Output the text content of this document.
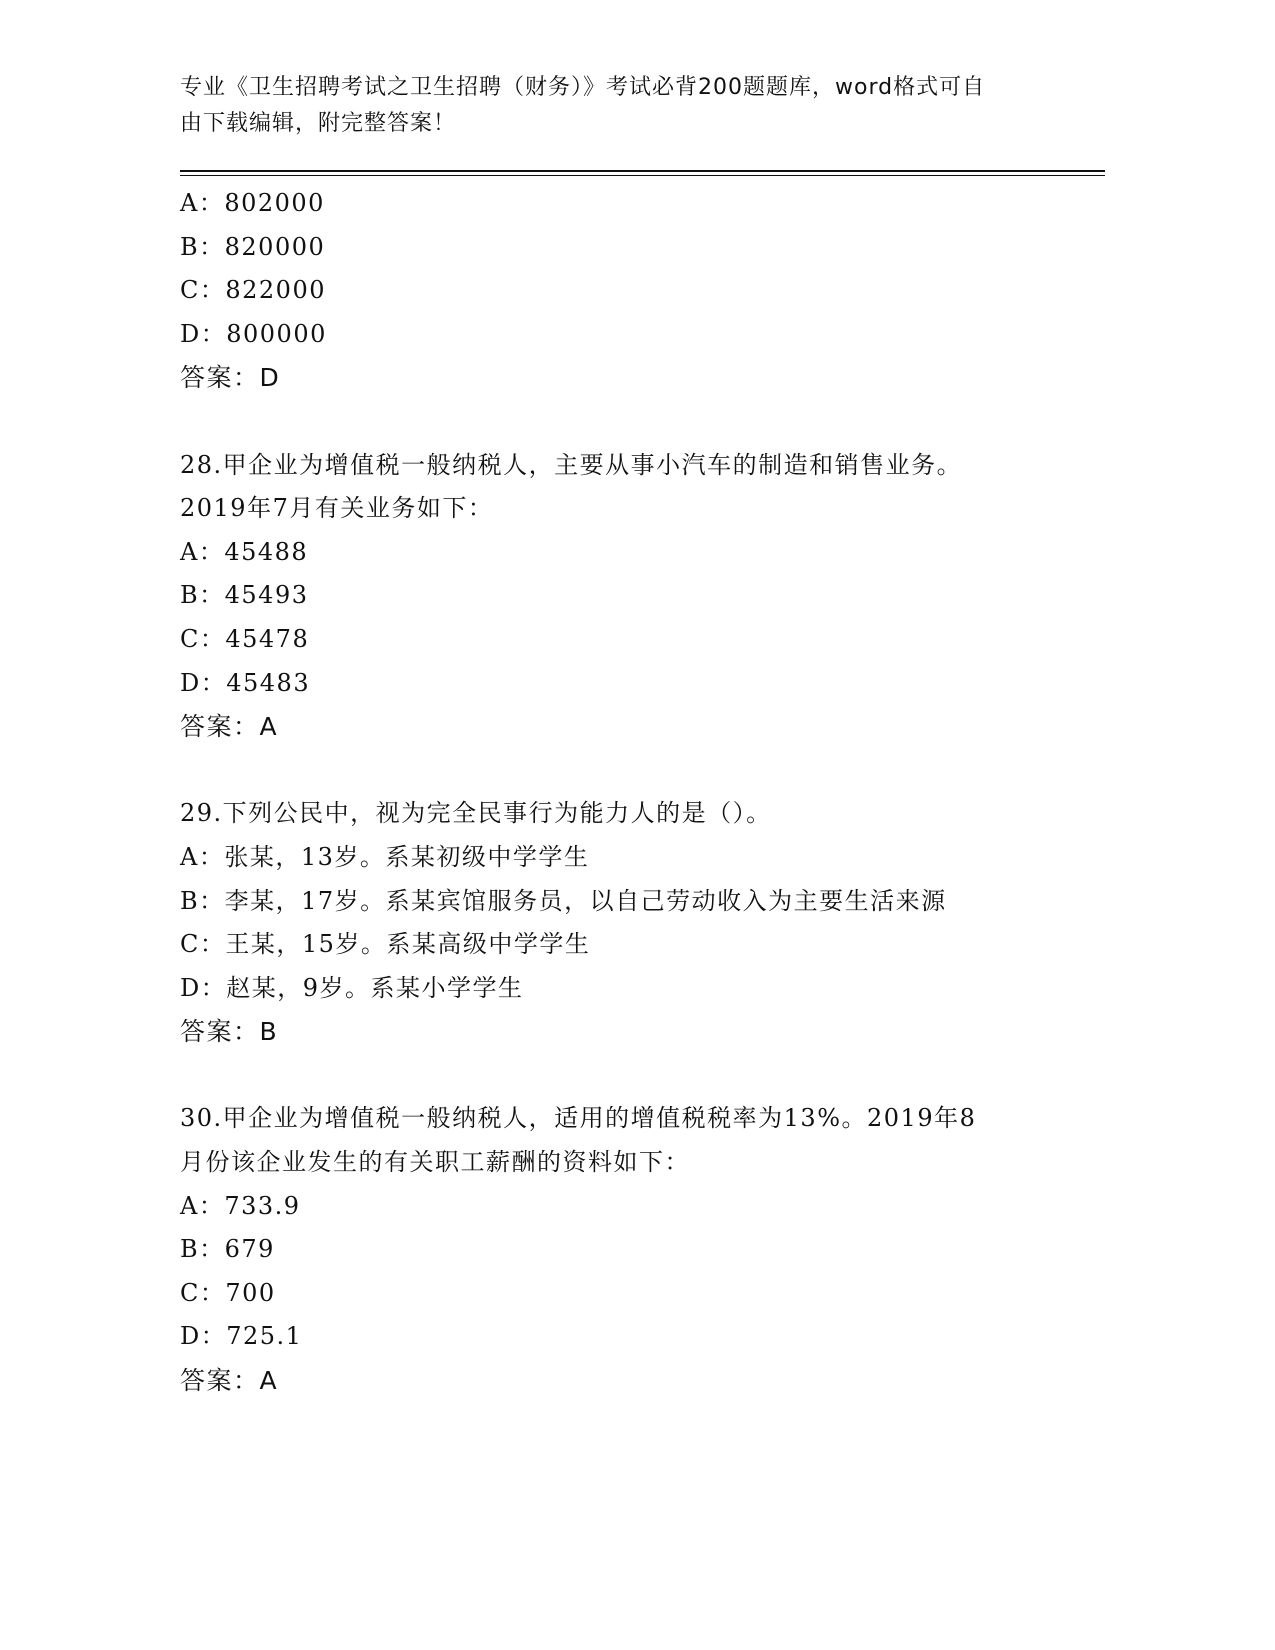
专业《卫生招聘考试之卫生招聘（财务）》考试必背200题题库，word格式可自
由下载编辑，附完整答案！
A：802000
B：820000
C：822000
D：800000
答案：D
28.甲企业为增值税一般纳税人，主要从事小汽车的制造和销售业务。
2019年7月有关业务如下：
A：45488
B：45493
C：45478
D：45483
答案：A
29.下列公民中，视为完全民事行为能力人的是（）。
A：张某，13岁。系某初级中学学生
B：李某，17岁。系某宾馆服务员，以自己劳动收入为主要生活来源
C：王某，15岁。系某高级中学学生
D：赵某，9岁。系某小学学生
答案：B
30.甲企业为增值税一般纳税人，适用的增值税税率为13%。2019年8
月份该企业发生的有关职工薪酬的资料如下：
A：733.9
B：679
C：700
D：725.1
答案：A
